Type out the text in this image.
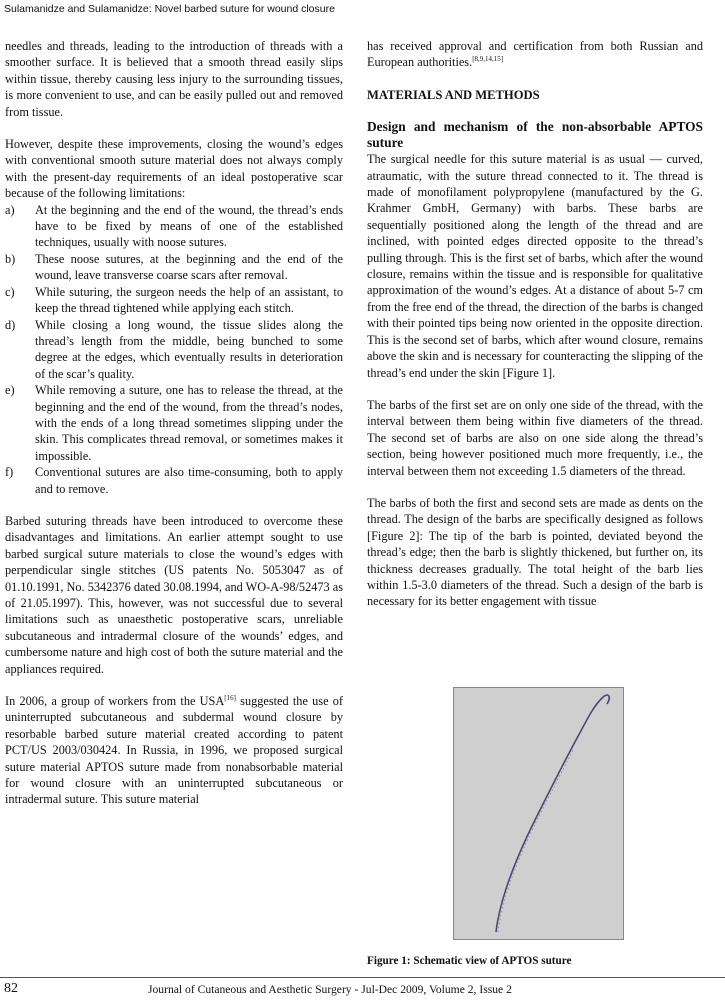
Sulamanidze and Sulamanidze: Novel barbed suture for wound closure

needles and threads, leading to the introduction of threads with a smoother surface. It is believed that a smooth thread easily slips within tissue, thereby causing less injury to the surrounding tissues, is more convenient to use, and can be easily pulled out and removed from tissue.

However, despite these improvements, closing the wound’s edges with conventional smooth suture material does not always comply with the present-day requirements of an ideal postoperative scar because of the following limitations:

a)	At the beginning and the end of the wound, the thread’s ends have to be fixed by means of one of the established techniques, usually with noose sutures.
b)	These noose sutures, at the beginning and the end of the wound, leave transverse coarse scars after removal.
c)	While suturing, the surgeon needs the help of an assistant, to keep the thread tightened while applying each stitch.
d)	While closing a long wound, the tissue slides along the thread’s length from the middle, being bunched to some degree at the edges, which eventually results in deterioration of the scar’s quality.
e)	While removing a suture, one has to release the thread, at the beginning and the end of the wound, from the thread’s nodes, with the ends of a long thread sometimes slipping under the skin. This complicates thread removal, or sometimes makes it impossible.
f)	Conventional sutures are also time-consuming, both to apply and to remove.

Barbed suturing threads have been introduced to overcome these disadvantages and limitations. An earlier attempt sought to use barbed surgical suture materials to close the wound’s edges with perpendicular single stitches (US patents No. 5053047 as of 01.10.1991, No. 5342376 dated 30.08.1994, and WO-A-98/52473 as of 21.05.1997). This, however, was not successful due to several limitations such as unaesthetic postoperative scars, unreliable subcutaneous and intradermal closure of the wounds’ edges, and cumbersome nature and high cost of both the suture material and the appliances required.

In 2006, a group of workers from the USA[16] suggested the use of uninterrupted subcutaneous and subdermal wound closure by resorbable barbed suture material created according to patent PCT/US 2003/030424. In Russia, in 1996, we proposed surgical suture material APTOS suture made from nonabsorbable material for wound closure with an uninterrupted subcutaneous or intradermal suture. This suture material

has received approval and certification from both Russian and European authorities.[8,9,14,15]

MATERIALS AND METHODS
Design and mechanism of the non-absorbable APTOS suture

The surgical needle for this suture material is as usual — curved, atraumatic, with the suture thread connected to it. The thread is made of monofilament polypropylene (manufactured by the G. Krahmer GmbH, Germany) with barbs. These barbs are sequentially positioned along the length of the thread and are inclined, with pointed edges directed opposite to the thread’s pulling through. This is the first set of barbs, which after the wound closure, remains within the tissue and is responsible for qualitative approximation of the wound’s edges. At a distance of about 5-7 cm from the free end of the thread, the direction of the barbs is changed with their pointed tips being now oriented in the opposite direction. This is the second set of barbs, which after wound closure, remains above the skin and is necessary for counteracting the slipping of the thread’s end under the skin [Figure 1].

The barbs of the first set are on only one side of the thread, with the interval between them being within five diameters of the thread. The second set of barbs are also on one side along the thread’s section, being however positioned much more frequently, i.e., the interval between them not exceeding 1.5 diameters of the thread.

The barbs of both the first and second sets are made as dents on the thread. The design of the barbs are specifically designed as follows [Figure 2]: The tip of the barb is pointed, deviated beyond the thread’s edge; then the barb is slightly thickened, but further on, its thickness decreases gradually. The total height of the barb lies within 1.5-3.0 diameters of the thread. Such a design of the barb is necessary for its better engagement with tissue

Figure 1: Schematic view of APTOS suture
82	Journal of Cutaneous and Aesthetic Surgery - Jul-Dec 2009, Volume 2, Issue 2
